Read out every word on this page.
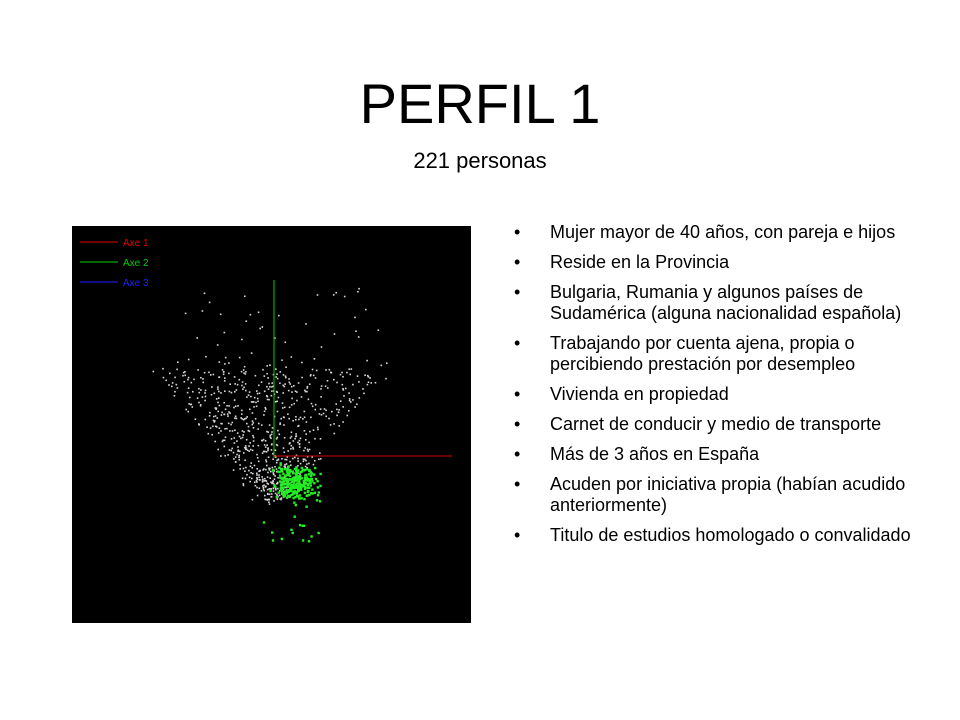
PERFIL 1
221 personas
Axe 1
Axe 2
Axe 3
• Mujer mayor de 40 años, con pareja e hijos
• Reside en la Provincia
• Bulgaria, Rumania y algunos países de Sudamérica (alguna nacionalidad española)
• Trabajando por cuenta ajena, propia o percibiendo prestación por desempleo
• Vivienda en propiedad
• Carnet de conducir y medio de transporte
• Más de 3 años en España
• Acuden por iniciativa propia (habían acudido anteriormente)
• Titulo de estudios homologado o convalidado
